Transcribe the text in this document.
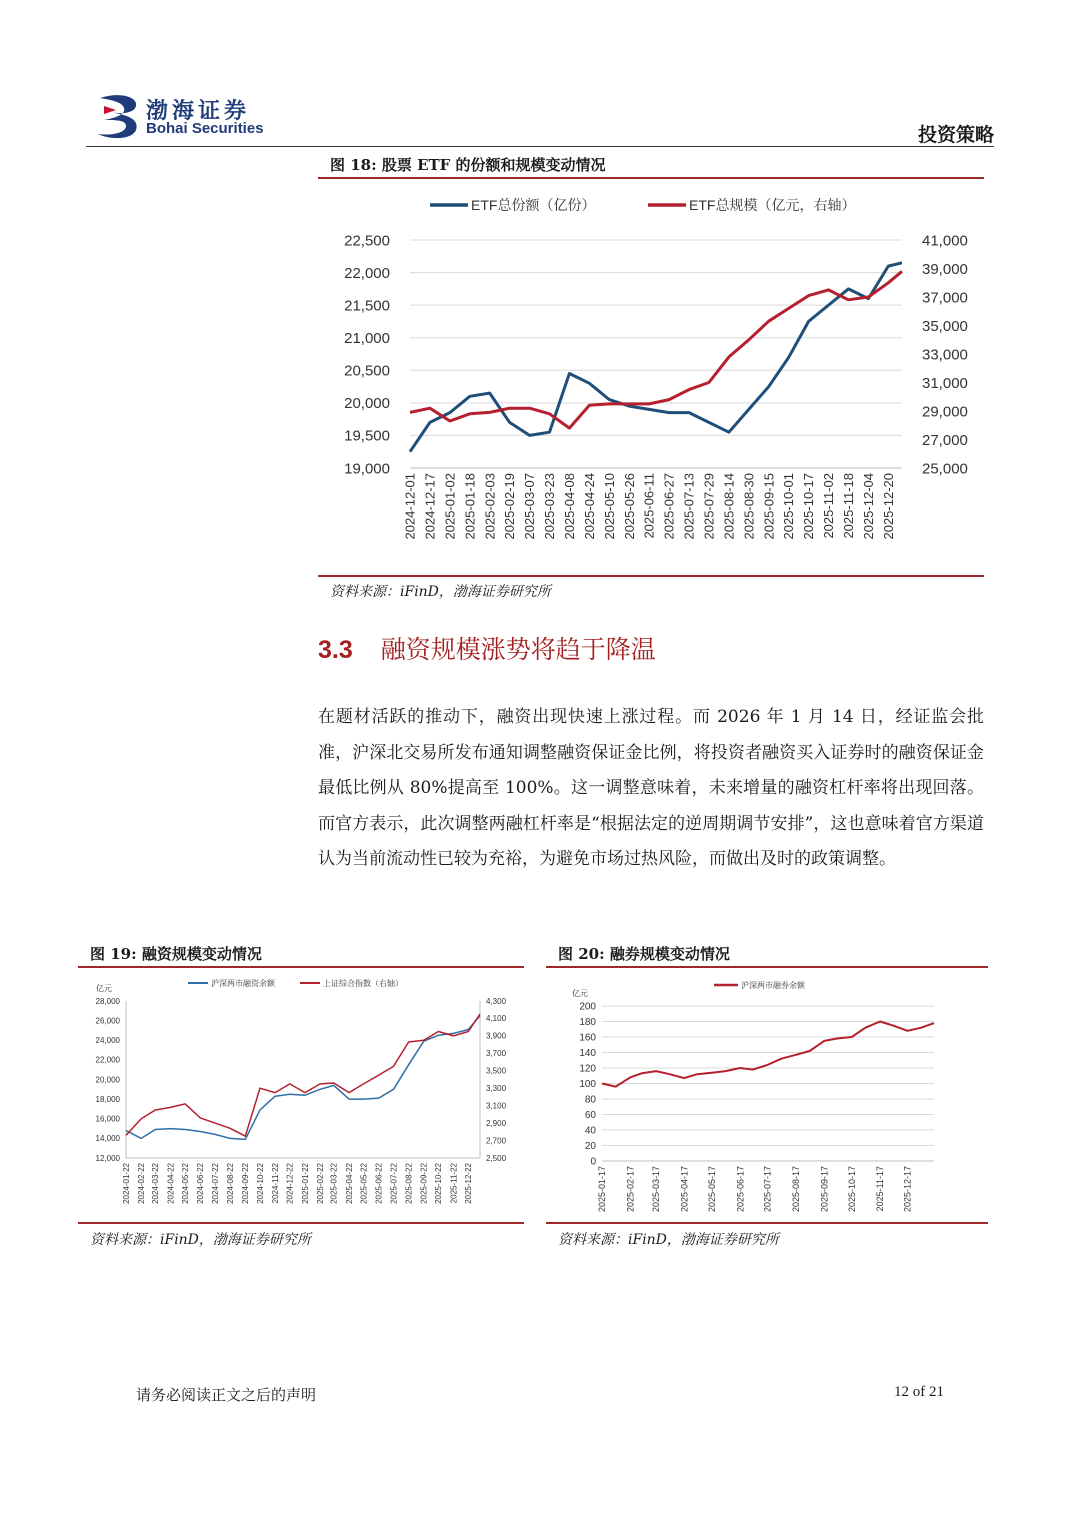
渤海证券
Bohai Securities	投资策略
图 18: 股票 ETF 的份额和规模变动情况
19,000
19,500
20,000
20,500
21,000
21,500
22,000
22,500
25,000
27,000
29,000
31,000
33,000
35,000
37,000
39,000
41,000
2024-12-01 2024-12-17 2025-01-02 2025-01-18 2025-02-03 2025-02-19 2025-03-07 2025-03-23 2025-04-08 2025-04-24 2025-05-10 2025-05-26 2025-06-11 2025-06-27 2025-07-13 2025-07-29 2025-08-14 2025-08-30 2025-09-15 2025-10-01 2025-10-17 2025-11-02 2025-11-18 2025-12-04 2025-12-20
ETF总份额（亿份）	ETF总规模（亿元，右轴）
资料来源：iFinD，渤海证券研究所
3.3 融资规模涨势将趋于降温

在题材活跃的推动下，融资出现快速上涨过程。而 2026 年 1 月 14 日，经证监会批准，沪深北交易所发布通知调整融资保证金比例，将投资者融资买入证券时的融资保证金最低比例从 80%提高至 100%。这一调整意味着，未来增量的融资杠杆率将出现回落。而官方表示，此次调整两融杠杆率是“根据法定的逆周期调节安排”，这也意味着官方渠道认为当前流动性已较为充裕，为避免市场过热风险，而做出及时的政策调整。

图 19: 融资规模变动情况
12,000
14,000
16,000
18,000
20,000
22,000
24,000
26,000
28,000
2,500
2,700
2,900
3,100
3,300
3,500
3,700
3,900
4,100
4,300
2024-01-22 2024-02-22 2024-03-22 2024-04-22 2024-05-22 2024-06-22 2024-07-22 2024-08-22 2024-09-22 2024-10-22 2024-11-22 2024-12-22 2025-01-22 2025-02-22 2025-03-22 2025-04-22 2025-05-22 2025-06-22 2025-07-22 2025-08-22 2025-09-22 2025-10-22 2025-11-22 2025-12-22
亿元
沪深两市融资余额	上证综合指数（右轴）
资料来源：iFinD，渤海证券研究所
图 20: 融券规模变动情况
0
20
40
60
80
100
120
140
160
180
200
2025-01-17 2025-02-17 2025-03-17 2025-04-17 2025-05-17 2025-06-17 2025-07-17 2025-08-17 2025-09-17 2025-10-17 2025-11-17 2025-12-17
亿元
沪深两市融券余额
资料来源：iFinD，渤海证券研究所
请务必阅读正文之后的声明	12 of 21
